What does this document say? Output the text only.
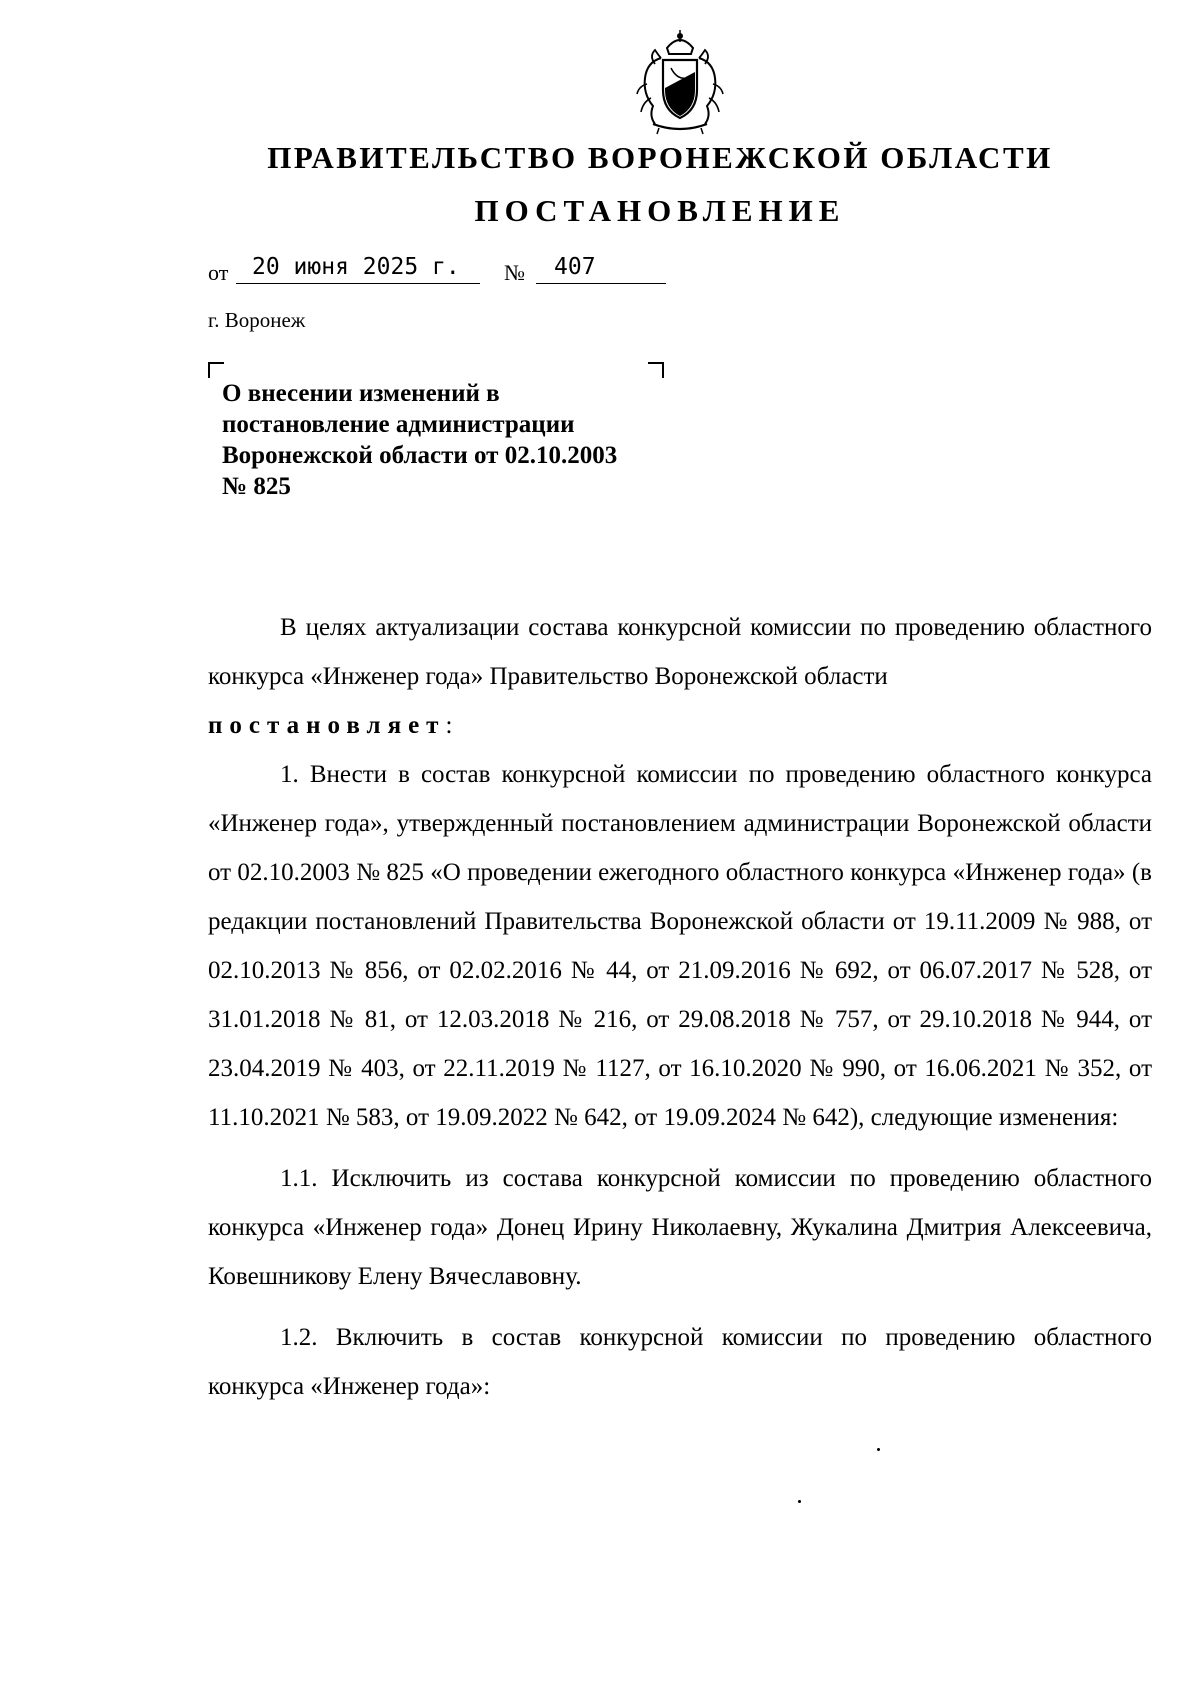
ПРАВИТЕЛЬСТВО ВОРОНЕЖСКОЙ ОБЛАСТИ
ПОСТАНОВЛЕНИЕ
от 20 июня 2025 г. № 407
г. Воронеж
О внесении изменений в
постановление администрации
Воронежской области от 02.10.2003
№ 825

В целях актуализации состава конкурсной комиссии по проведению областного конкурса «Инженер года» Правительство Воронежской области

постановляет:

1. Внести в состав конкурсной комиссии по проведению областного конкурса «Инженер года», утвержденный постановлением администрации Воронежской области от 02.10.2003 № 825 «О проведении ежегодного областного конкурса «Инженер года» (в редакции постановлений Правительства Воронежской области от 19.11.2009 № 988, от 02.10.2013 № 856, от 02.02.2016 № 44, от 21.09.2016 № 692, от 06.07.2017 № 528, от 31.01.2018 № 81, от 12.03.2018 № 216, от 29.08.2018 № 757, от 29.10.2018 № 944, от 23.04.2019 № 403, от 22.11.2019 № 1127, от 16.10.2020 № 990, от 16.06.2021 № 352, от 11.10.2021 № 583, от 19.09.2022 № 642, от 19.09.2024 № 642), следующие изменения:

1.1. Исключить из состава конкурсной комиссии по проведению областного конкурса «Инженер года» Донец Ирину Николаевну, Жукалина Дмитрия Алексеевича, Ковешникову Елену Вячеславовну.

1.2. Включить в состав конкурсной комиссии по проведению областного конкурса «Инженер года»:
